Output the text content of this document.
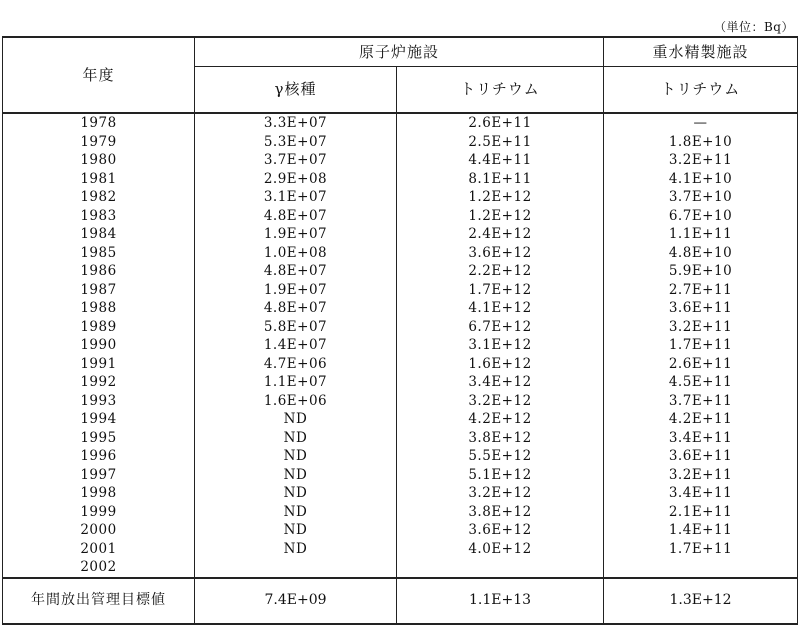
（単位：Bq）
年度	原子炉施設		重水精製施設
	γ核種	トリチウム	トリチウム
1978	3.3E+07	2.6E+11	—
1979	5.3E+07	2.5E+11	1.8E+10
1980	3.7E+07	4.4E+11	3.2E+11
1981	2.9E+08	8.1E+11	4.1E+10
1982	3.1E+07	1.2E+12	3.7E+10
1983	4.8E+07	1.2E+12	6.7E+10
1984	1.9E+07	2.4E+12	1.1E+11
1985	1.0E+08	3.6E+12	4.8E+10
1986	4.8E+07	2.2E+12	5.9E+10
1987	1.9E+07	1.7E+12	2.7E+11
1988	4.8E+07	4.1E+12	3.6E+11
1989	5.8E+07	6.7E+12	3.2E+11
1990	1.4E+07	3.1E+12	1.7E+11
1991	4.7E+06	1.6E+12	2.6E+11
1992	1.1E+07	3.4E+12	4.5E+11
1993	1.6E+06	3.2E+12	3.7E+11
1994	ND	4.2E+12	4.2E+11
1995	ND	3.8E+12	3.4E+11
1996	ND	5.5E+12	3.6E+11
1997	ND	5.1E+12	3.2E+11
1998	ND	3.2E+12	3.4E+11
1999	ND	3.8E+12	2.1E+11
2000	ND	3.6E+12	1.4E+11
2001	ND	4.0E+12	1.7E+11
2002			
年間放出管理目標値	7.4E+09	1.1E+13	1.3E+12
